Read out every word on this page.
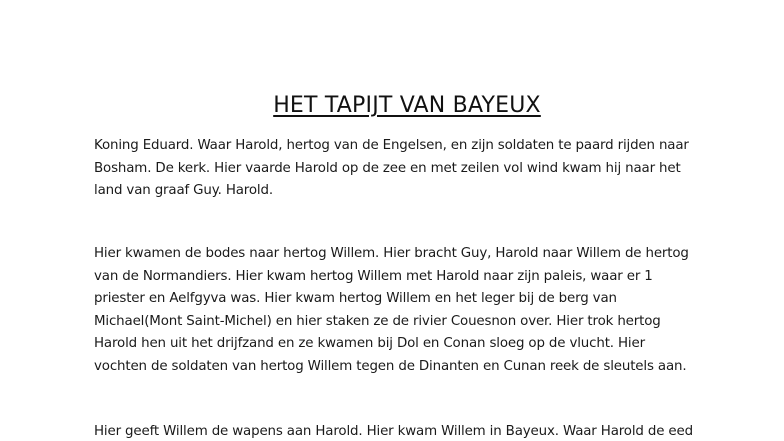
HET TAPIJT VAN BAYEUX

Koning Eduard. Waar Harold, hertog van de Engelsen, en zijn soldaten te paard rijden naar Bosham. De kerk. Hier vaarde Harold op de zee en met zeilen vol wind kwam hij naar het land van graaf Guy. Harold.

Hier kwamen de bodes naar hertog Willem. Hier bracht Guy, Harold naar Willem de hertog van de Normandiers. Hier kwam hertog Willem met Harold naar zijn paleis, waar er 1 priester en Aelfgyva was. Hier kwam hertog Willem en het leger bij de berg van Michael(Mont Saint-Michel) en hier staken ze de rivier Couesnon over. Hier trok hertog Harold hen uit het drijfzand en ze kwamen bij Dol en Conan sloeg op de vlucht. Hier vochten de soldaten van hertog Willem tegen de Dinanten en Cunan reek de sleutels aan.

Hier geeft Willem de wapens aan Harold. Hier kwam Willem in Bayeux. Waar Harold de eed
